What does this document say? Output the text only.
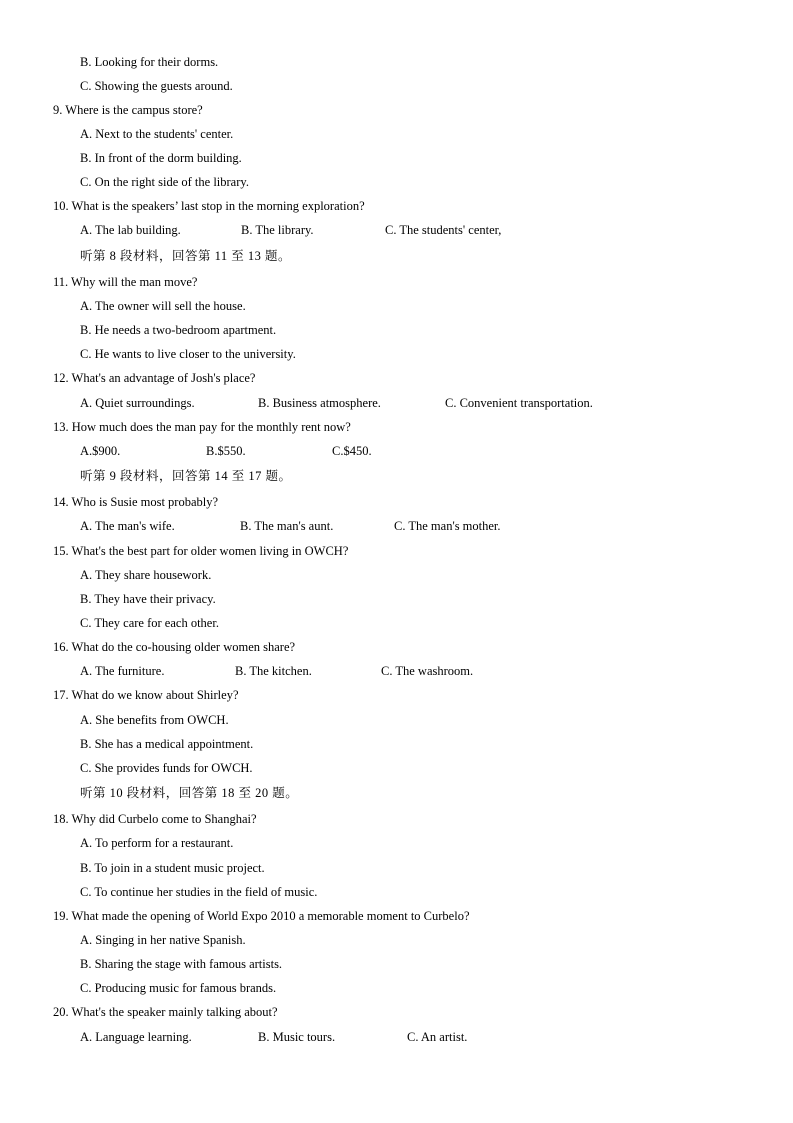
B. Looking for their dorms.
C. Showing the guests around.
9. Where is the campus store?
A. Next to the students' center.
B. In front of the dorm building.
C. On the right side of the library.
10. What is the speakers’ last stop in the morning exploration?
A. The lab building.	B. The library.	C. The students' center,
听第 8 段材料，回答第 11 至 13 题。
11. Why will the man move?
A. The owner will sell the house.
B. He needs a two-bedroom apartment.
C. He wants to live closer to the university.
12. What's an advantage of Josh's place?
A. Quiet surroundings.	B. Business atmosphere.	C. Convenient transportation.
13. How much does the man pay for the monthly rent now?
A.$900.	B.$550.	C.$450.
听第 9 段材料，回答第 14 至 17 题。
14. Who is Susie most probably?
A. The man's wife.	B. The man's aunt.	C. The man's mother.
15. What's the best part for older women living in OWCH?
A. They share housework.
B. They have their privacy.
C. They care for each other.
16. What do the co-housing older women share?
A. The furniture.	B. The kitchen.	C. The washroom.
17. What do we know about Shirley?
A. She benefits from OWCH.
B. She has a medical appointment.
C. She provides funds for OWCH.
听第 10 段材料，回答第 18 至 20 题。
18. Why did Curbelo come to Shanghai?
A. To perform for a restaurant.
B. To join in a student music project.
C. To continue her studies in the field of music.
19. What made the opening of World Expo 2010 a memorable moment to Curbelo?
A. Singing in her native Spanish.
B. Sharing the stage with famous artists.
C. Producing music for famous brands.
20. What's the speaker mainly talking about?
A. Language learning.	B. Music tours.	C. An artist.
